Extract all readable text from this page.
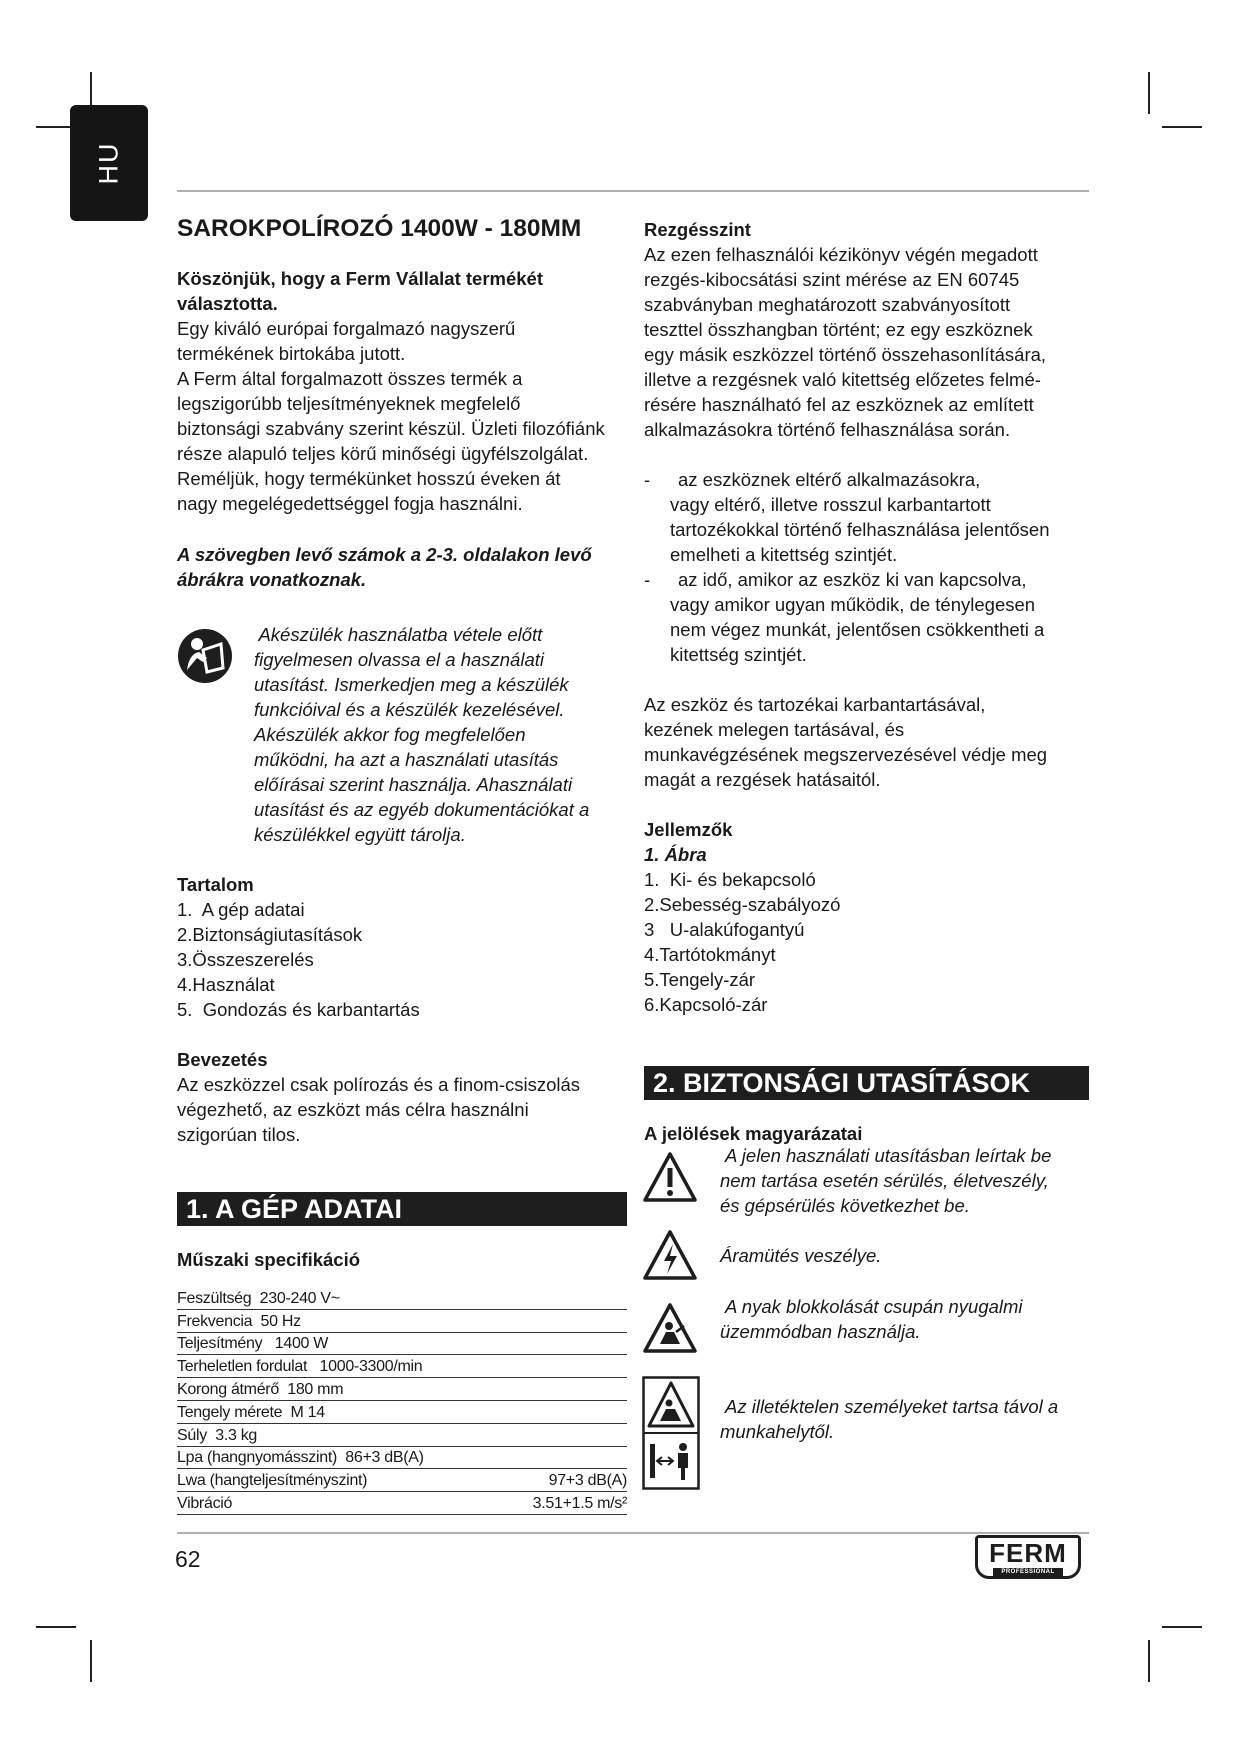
HU
SAROKPOLÍROZÓ 1400W - 180MM
Köszönjük, hogy a Ferm Vállalat termékét
választotta.
Egy kiváló európai forgalmazó nagyszerű
termékének birtokába jutott.
A Ferm által forgalmazott összes termék a
legszigorúbb teljesítményeknek megfelelő
biztonsági szabvány szerint készül. Üzleti filozófiánk
része alapuló teljes körű minőségi ügyfélszolgálat.
Reméljük, hogy termékünket hosszú éveken át
nagy megelégedettséggel fogja használni.
A szövegben levő számok a 2-3. oldalakon levő
ábrákra vonatkoznak.
Akészülék használatba vétele előtt
figyelmesen olvassa el a használati
utasítást. Ismerkedjen meg a készülék
funkcióival és a készülék kezelésével.
Akészülék akkor fog megfelelően
működni, ha azt a használati utasítás
előírásai szerint használja. Ahasználati
utasítást és az egyéb dokumentációkat a
készülékkel együtt tárolja.
Tartalom
1.  A gép adatai
2.Biztonságiutasítások
3.Összeszerelés
4.Használat
5.  Gondozás és karbantartás
Bevezetés
Az eszközzel csak polírozás és a finom-csiszolás
végezhető, az eszközt más célra használni
szigorúan tilos.
1. A GÉP ADATAI
Műszaki specifikáció
Feszültség  230-240 V~
Frekvencia  50 Hz
Teljesítmény   1400 W
Terheletlen fordulat   1000-3300/min
Korong átmérő  180 mm
Tengely mérete  M 14
Súly  3.3 kg
Lpa (hangnyomásszint)  86+3 dB(A)
Lwa (hangteljesítményszint)	97+3 dB(A)
Vibráció	3.51+1.5 m/s²
Rezgésszint
Az ezen felhasználói kézikönyv végén megadott
rezgés-kibocsátási szint mérése az EN 60745
szabványban meghatározott szabványosított
teszttel összhangban történt; ez egy eszköznek
egy másik eszközzel történő összehasonlítására,
illetve a rezgésnek való kitettség előzetes felmé-
résére használható fel az eszköznek az említett
alkalmazásokra történő felhasználása során.
-	az eszköznek eltérő alkalmazásokra,
vagy eltérő, illetve rosszul karbantartott
tartozékokkal történő felhasználása jelentősen
emelheti a kitettség szintjét.
-	az idő, amikor az eszköz ki van kapcsolva,
vagy amikor ugyan működik, de ténylegesen
nem végez munkát, jelentősen csökkentheti a
kitettség szintjét.
Az eszköz és tartozékai karbantartásával,
kezének melegen tartásával, és
munkavégzésének megszervezésével védje meg
magát a rezgések hatásaitól.
Jellemzők
1. Ábra
1.  Ki- és bekapcsoló
2.Sebesség-szabályozó
3   U-alakúfogantyú
4.Tartótokmányt
5.Tengely-zár
6.Kapcsoló-zár
2. BIZTONSÁGI UTASÍTÁSOK
A jelölések magyarázatai
A jelen használati utasításban leírtak be
nem tartása esetén sérülés, életveszély,
és gépsérülés következhet be.
Áramütés veszélye.
A nyak blokkolását csupán nyugalmi
üzemmódban használja.
Az illetéktelen személyeket tartsa távol a
munkahelytől.
62	FERM
PROFESSIONAL
